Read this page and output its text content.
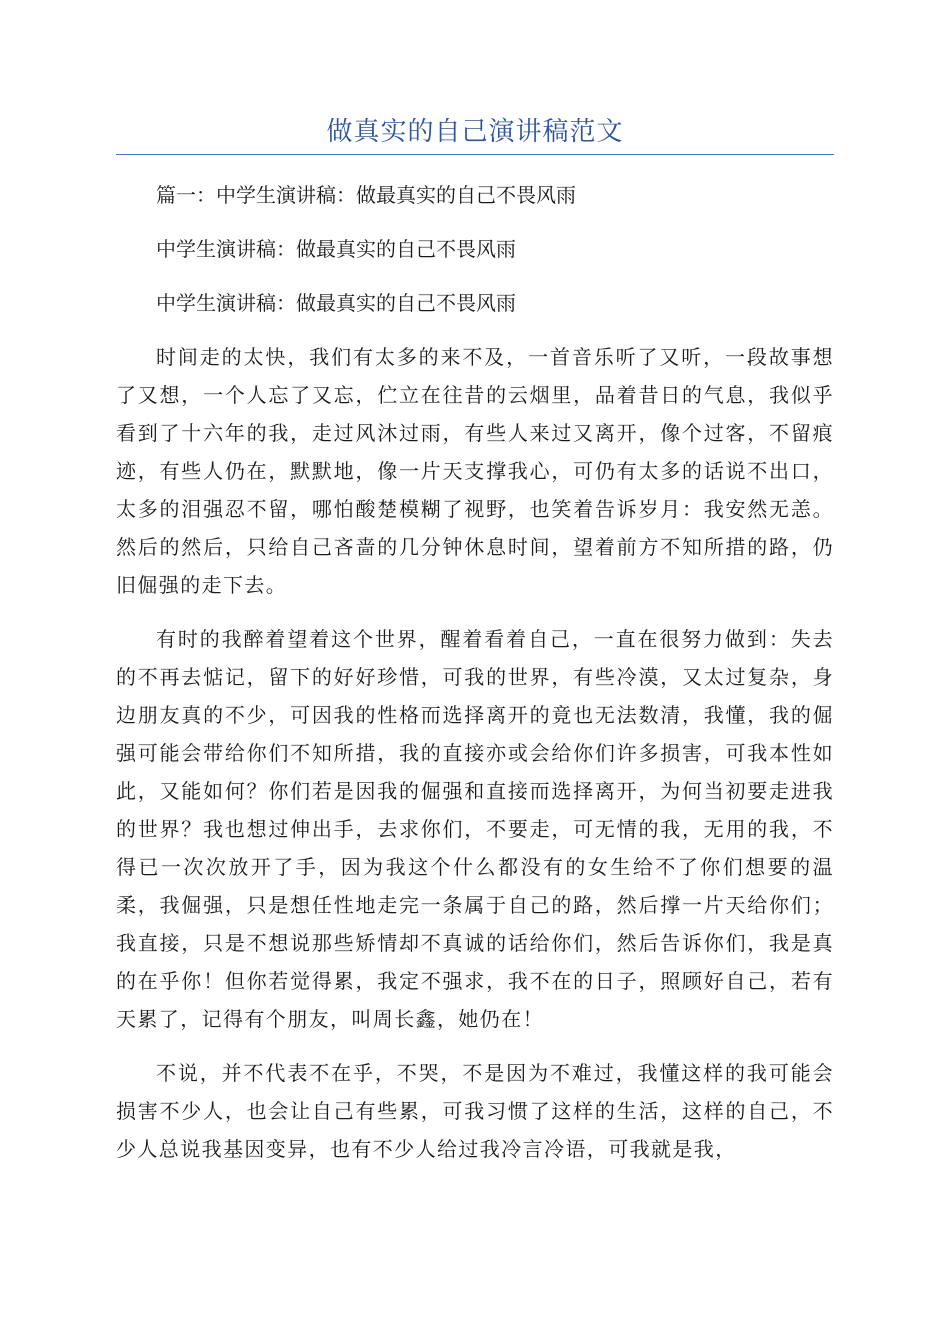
做真实的自己演讲稿范文

篇一：中学生演讲稿：做最真实的自己不畏风雨

中学生演讲稿：做最真实的自己不畏风雨

中学生演讲稿：做最真实的自己不畏风雨

时间走的太快，我们有太多的来不及，一首音乐听了又听，一段故事想了又想，一个人忘了又忘，伫立在往昔的云烟里，品着昔日的气息，我似乎看到了十六年的我，走过风沐过雨，有些人来过又离开，像个过客，不留痕迹，有些人仍在，默默地，像一片天支撑我心，可仍有太多的话说不出口，太多的泪强忍不留，哪怕酸楚模糊了视野，也笑着告诉岁月：我安然无恙。然后的然后，只给自己吝啬的几分钟休息时间，望着前方不知所措的路，仍旧倔强的走下去。

有时的我醉着望着这个世界，醒着看着自己，一直在很努力做到：失去的不再去惦记，留下的好好珍惜，可我的世界，有些冷漠，又太过复杂，身边朋友真的不少，可因我的性格而选择离开的竟也无法数清，我懂，我的倔强可能会带给你们不知所措，我的直接亦或会给你们许多损害，可我本性如此，又能如何？你们若是因我的倔强和直接而选择离开，为何当初要走进我的世界？我也想过伸出手，去求你们，不要走，可无情的我，无用的我，不得已一次次放开了手，因为我这个什么都没有的女生给不了你们想要的温柔，我倔强，只是想任性地走完一条属于自己的路，然后撑一片天给你们；我直接，只是不想说那些矫情却不真诚的话给你们，然后告诉你们，我是真的在乎你！但你若觉得累，我定不强求，我不在的日子，照顾好自己，若有天累了，记得有个朋友，叫周长鑫，她仍在！

不说，并不代表不在乎，不哭，不是因为不难过，我懂这样的我可能会损害不少人，也会让自己有些累，可我习惯了这样的生活，这样的自己，不少人总说我基因变异，也有不少人给过我冷言冷语，可我就是我，
